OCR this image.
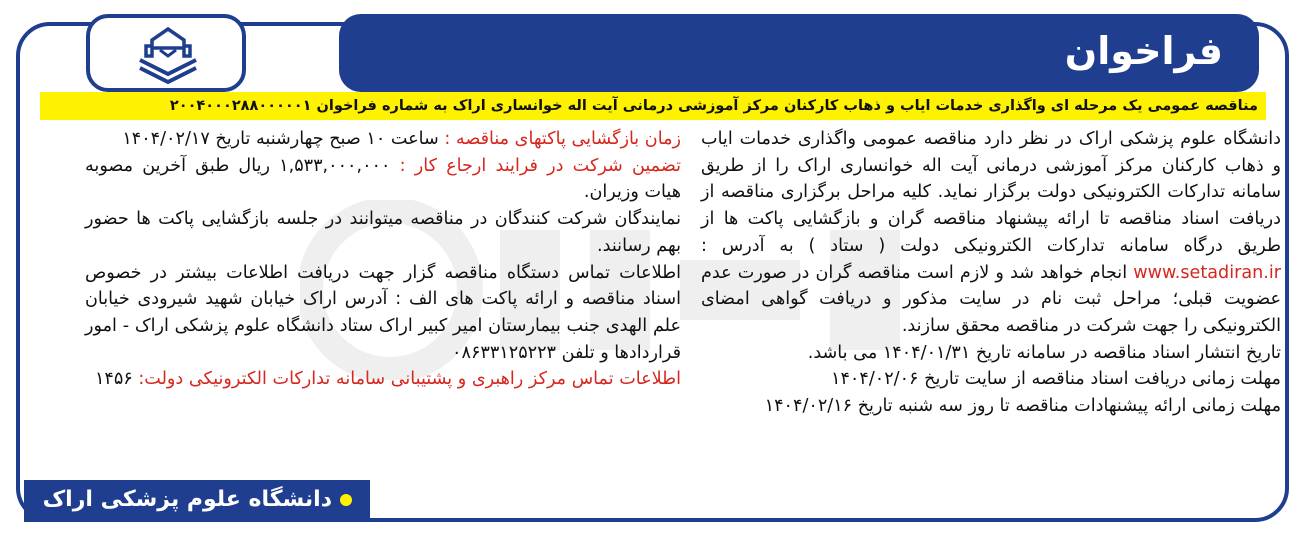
فراخوان
مناقصه عمومی یک مرحله ای واگذاری خدمات ایاب و ذهاب کارکنان مرکز آموزشی درمانی آیت اله خوانساری اراک به شماره فراخوان ۲۰۰۴۰۰۰۲۸۸۰۰۰۰۰۱
دانشگاه علوم پزشکی اراک در نظر دارد مناقصه عمومی واگذاری خدمات ایاب و ذهاب کارکنان مرکز آموزشی درمانی آیت اله خوانساری اراک را از طریق سامانه تدارکات الکترونیکی دولت برگزار نماید. کلیه مراحل برگزاری مناقصه از دریافت اسناد مناقصه تا ارائه پیشنهاد مناقصه گران و بازگشایی پاکت ها از طریق درگاه سامانه تدارکات الکترونیکی دولت ( ستاد ) به آدرس : www.setadiran.ir انجام خواهد شد و لازم است مناقصه گران در صورت عدم عضویت قبلی؛ مراحل ثبت نام در سایت مذکور و دریافت گواهی امضای الکترونیکی را جهت شرکت در مناقصه محقق سازند.
تاریخ انتشار اسناد مناقصه در سامانه تاریخ ۱۴۰۴/۰۱/۳۱ می باشد.
مهلت زمانی دریافت اسناد مناقصه از سایت تاریخ ۱۴۰۴/۰۲/۰۶
مهلت زمانی ارائه پیشنهادات مناقصه تا روز سه شنبه تاریخ ۱۴۰۴/۰۲/۱۶
زمان بازگشایی پاکتهای مناقصه : ساعت ۱۰ صبح چهارشنبه تاریخ ۱۴۰۴/۰۲/۱۷
تضمین شرکت در فرایند ارجاع کار : ۱,۵۳۳,۰۰۰,۰۰۰ ریال طبق آخرین مصوبه هیات وزیران.
نمایندگان شرکت کنندگان در مناقصه میتوانند در جلسه بازگشایی پاکت ها حضور بهم رسانند.
اطلاعات تماس دستگاه مناقصه گزار جهت دریافت اطلاعات بیشتر در خصوص اسناد مناقصه و ارائه پاکت های الف : آدرس اراک خیابان شهید شیرودی خیابان علم الهدی جنب بیمارستان امیر کبیر اراک ستاد دانشگاه علوم پزشکی اراک - امور قراردادها و تلفن ۰۸۶۳۳۱۲۵۲۲۳
اطلاعات تماس مرکز راهبری و پشتیبانی سامانه تدارکات الکترونیکی دولت: ۱۴۵۶
دانشگاه علوم پزشکی اراک
